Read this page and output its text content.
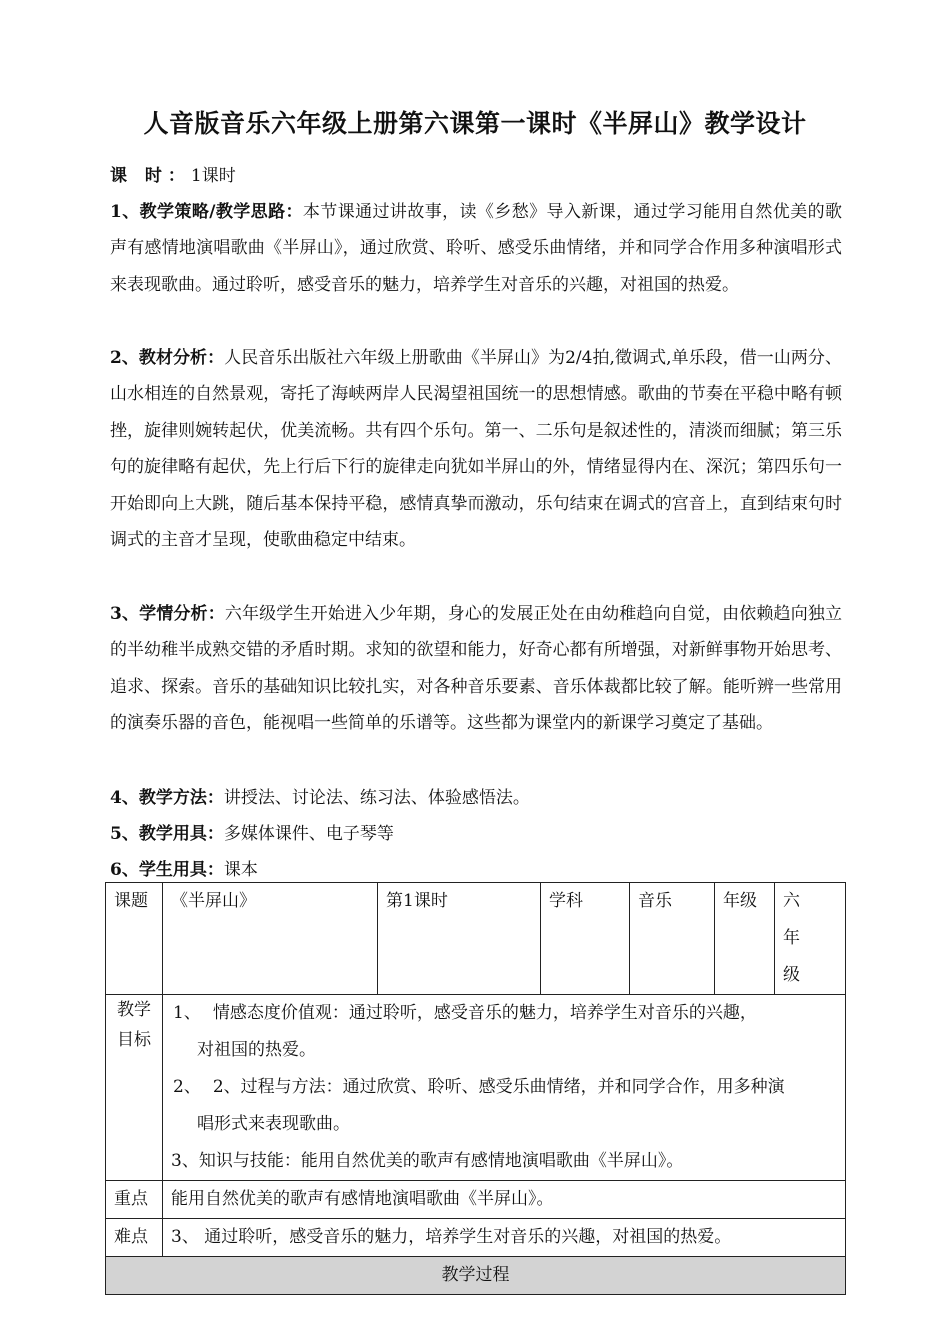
人音版音乐六年级上册第六课第一课时《半屏山》教学设计

课 时：1课时

1、教学策略/教学思路：本节课通过讲故事，读《乡愁》导入新课，通过学习能用自然优美的歌声有感情地演唱歌曲《半屏山》，通过欣赏、聆听、感受乐曲情绪，并和同学合作用多种演唱形式来表现歌曲。通过聆听，感受音乐的魅力，培养学生对音乐的兴趣，对祖国的热爱。

2、教材分析：人民音乐出版社六年级上册歌曲《半屏山》为2/4拍,徵调式,单乐段，借一山两分、山水相连的自然景观，寄托了海峡两岸人民渴望祖国统一的思想情感。歌曲的节奏在平稳中略有顿挫，旋律则婉转起伏，优美流畅。共有四个乐句。第一、二乐句是叙述性的，清淡而细腻；第三乐句的旋律略有起伏，先上行后下行的旋律走向犹如半屏山的外，情绪显得内在、深沉；第四乐句一开始即向上大跳，随后基本保持平稳，感情真挚而激动，乐句结束在调式的宫音上，直到结束句时调式的主音才呈现，使歌曲稳定中结束。

3、学情分析：六年级学生开始进入少年期，身心的发展正处在由幼稚趋向自觉，由依赖趋向独立的半幼稚半成熟交错的矛盾时期。求知的欲望和能力，好奇心都有所增强，对新鲜事物开始思考、追求、探索。音乐的基础知识比较扎实，对各种音乐要素、音乐体裁都比较了解。能听辨一些常用的演奏乐器的音色，能视唱一些简单的乐谱等。这些都为课堂内的新课学习奠定了基础。

4、教学方法：讲授法、讨论法、练习法、体验感悟法。

5、教学用具：多媒体课件、电子琴等

6、学生用具：课本

课题	《半屏山》	第1课时	学科	音乐	年级	六 年级
教学目标	1、 情感态度价值观：通过聆听，感受音乐的魅力，培养学生对音乐的兴趣，
对祖国的热爱。
2、 2、过程与方法：通过欣赏、聆听、感受乐曲情绪，并和同学合作，用多种演
唱形式来表现歌曲。
3、知识与技能：能用自然优美的歌声有感情地演唱歌曲《半屏山》。					

重点	能用自然优美的歌声有感情地演唱歌曲《半屏山》。					
难点	3、 通过聆听，感受音乐的魅力，培养学生对音乐的兴趣，对祖国的热爱。					
教学过程						
